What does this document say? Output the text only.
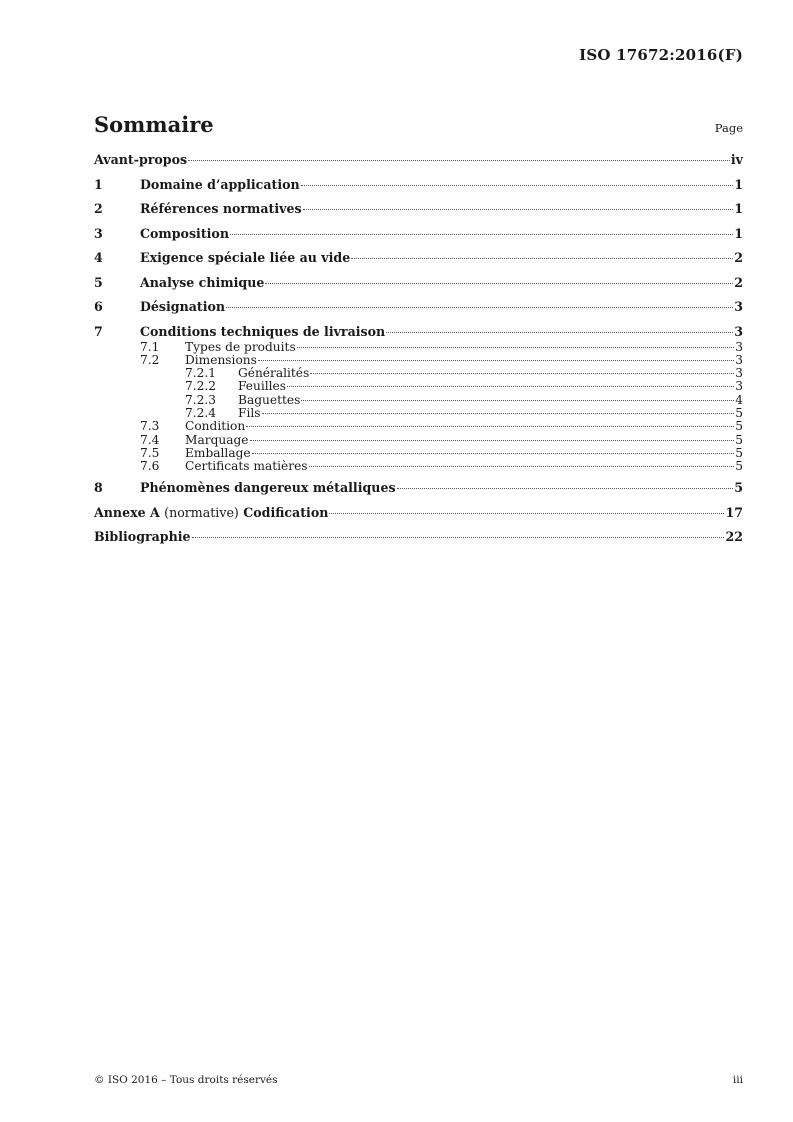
ISO 17672:2016(F)
Sommaire	Page
Avant-propos	iv
1	Domaine d’application	1
2	Références normatives	1
3	Composition	1
4	Exigence spéciale liée au vide	2
5	Analyse chimique	2
6	Désignation	3
7	Conditions techniques de livraison	3
7.1	Types de produits	3
7.2	Dimensions	3
7.2.1	Généralités	3
7.2.2	Feuilles	3
7.2.3	Baguettes	4
7.2.4	Fils	5
7.3	Condition	5
7.4	Marquage	5
7.5	Emballage	5
7.6	Certificats matières	5
8	Phénomènes dangereux métalliques	5
Annexe A (normative) Codification	17
Bibliographie	22
© ISO 2016 – Tous droits réservés	iii
